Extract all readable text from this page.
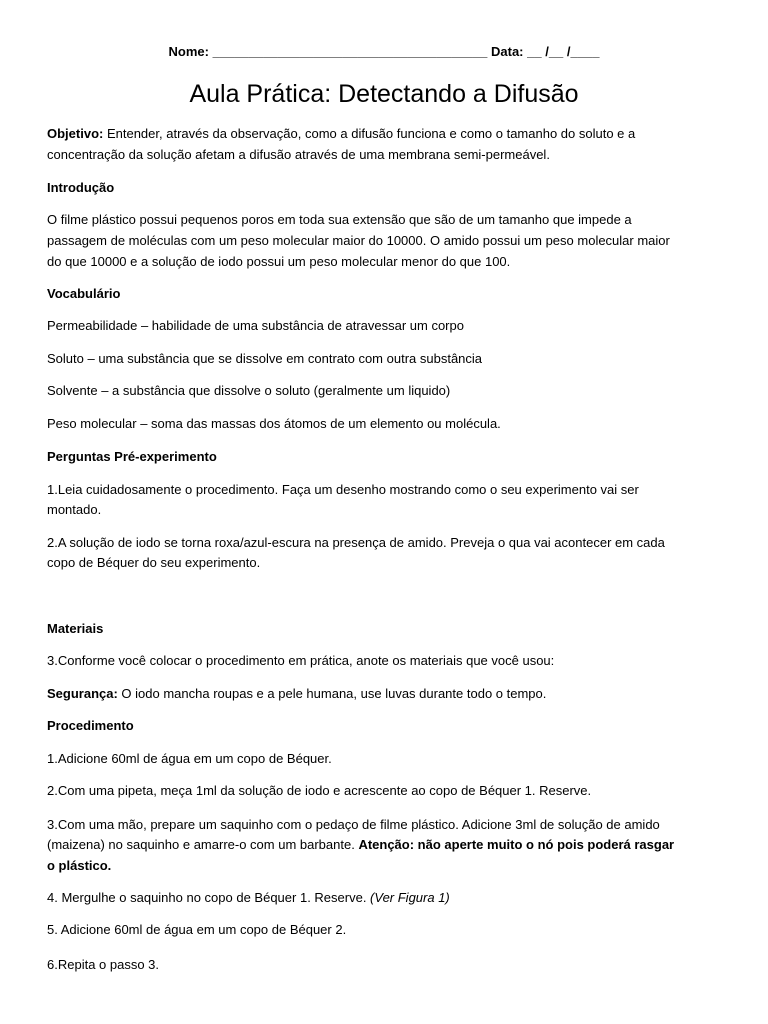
Nome: ______________________________________ Data: __ /__ /____
Aula Prática: Detectando a Difusão
Objetivo: Entender, através da observação, como a difusão funciona e como o tamanho do soluto e a
concentração da solução afetam a difusão através de uma membrana semi-permeável.
Introdução
O filme plástico possui pequenos poros em toda sua extensão que são de um tamanho que impede a
passagem de moléculas com um peso molecular maior do 10000. O amido possui um peso molecular maior
do que 10000 e a solução de iodo possui um peso molecular menor do que 100.
Vocabulário
Permeabilidade – habilidade de uma substância de atravessar um corpo
Soluto – uma substância que se dissolve em contrato com outra substância
Solvente – a substância que dissolve o soluto (geralmente um liquido)
Peso molecular – soma das massas dos átomos de um elemento ou molécula.
Perguntas Pré-experimento
1.Leia cuidadosamente o procedimento. Faça um desenho mostrando como o seu experimento vai ser
montado.
2.A solução de iodo se torna roxa/azul-escura na presença de amido. Preveja o qua vai acontecer em cada
copo de Béquer do seu experimento.
Materiais
3.Conforme você colocar o procedimento em prática, anote os materiais que você usou:
Segurança: O iodo mancha roupas e a pele humana, use luvas durante todo o tempo.
Procedimento
1.Adicione 60ml de água em um copo de Béquer.
2.Com uma pipeta, meça 1ml da solução de iodo e acrescente ao copo de Béquer 1. Reserve.
3.Com uma mão, prepare um saquinho com o pedaço de filme plástico. Adicione 3ml de solução de amido
(maizena) no saquinho e amarre-o com um barbante. Atenção: não aperte muito o nó pois poderá rasgar
o plástico.
4. Mergulhe o saquinho no copo de Béquer 1. Reserve. (Ver Figura 1)
5. Adicione 60ml de água em um copo de Béquer 2.
6.Repita o passo 3.
